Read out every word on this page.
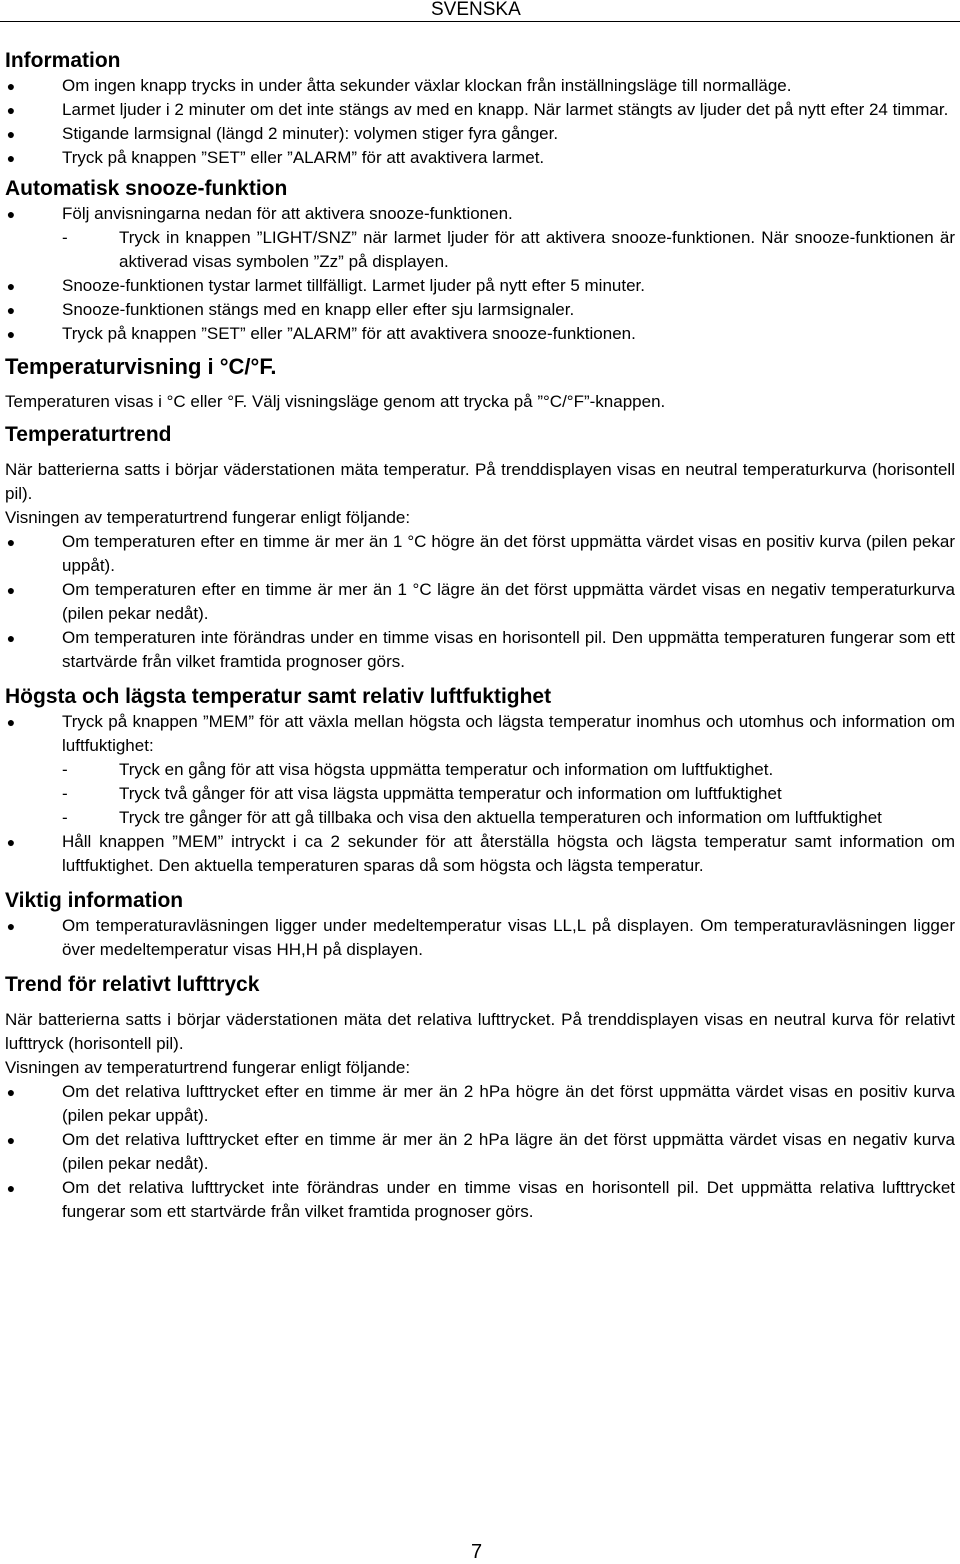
SVENSKA
Information
●	Om ingen knapp trycks in under åtta sekunder växlar klockan från inställningsläge till normalläge.
●	Larmet ljuder i 2 minuter om det inte stängs av med en knapp. När larmet stängts av ljuder det på nytt efter 24 timmar.
●	Stigande larmsignal (längd 2 minuter): volymen stiger fyra gånger.
●	Tryck på knappen ”SET” eller ”ALARM” för att avaktivera larmet.
Automatisk snooze-funktion
●	Följ anvisningarna nedan för att aktivera snooze-funktionen.
-	Tryck in knappen ”LIGHT/SNZ” när larmet ljuder för att aktivera snooze-funktionen. När snooze-funktionen är aktiverad visas symbolen ”Zz” på displayen.
●	Snooze-funktionen tystar larmet tillfälligt. Larmet ljuder på nytt efter 5 minuter.
●	Snooze-funktionen stängs med en knapp eller efter sju larmsignaler.
●	Tryck på knappen ”SET” eller ”ALARM” för att avaktivera snooze-funktionen.
Temperaturvisning i °C/°F.

Temperaturen visas i °C eller °F. Välj visningsläge genom att trycka på ”°C/°F”-knappen.

Temperaturtrend

När batterierna satts i börjar väderstationen mäta temperatur. På trenddisplayen visas en neutral temperaturkurva (horisontell pil).

Visningen av temperaturtrend fungerar enligt följande:

●	Om temperaturen efter en timme är mer än 1 °C högre än det först uppmätta värdet visas en positiv kurva (pilen pekar uppåt).
●	Om temperaturen efter en timme är mer än 1 °C lägre än det först uppmätta värdet visas en negativ temperaturkurva (pilen pekar nedåt).
●	Om temperaturen inte förändras under en timme visas en horisontell pil. Den uppmätta temperaturen fungerar som ett startvärde från vilket framtida prognoser görs.
Högsta och lägsta temperatur samt relativ luftfuktighet
●	Tryck på knappen ”MEM” för att växla mellan högsta och lägsta temperatur inomhus och utomhus och information om luftfuktighet:
-	Tryck en gång för att visa högsta uppmätta temperatur och information om luftfuktighet.
-	Tryck två gånger för att visa lägsta uppmätta temperatur och information om luftfuktighet
-	Tryck tre gånger för att gå tillbaka och visa den aktuella temperaturen och information om luftfuktighet
●	Håll knappen ”MEM” intryckt i ca 2 sekunder för att återställa högsta och lägsta temperatur samt information om luftfuktighet. Den aktuella temperaturen sparas då som högsta och lägsta temperatur.
Viktig information
●	Om temperaturavläsningen ligger under medeltemperatur visas LL,L på displayen. Om temperaturavläsningen ligger över medeltemperatur visas HH,H på displayen.
Trend för relativt lufttryck

När batterierna satts i börjar väderstationen mäta det relativa lufttrycket. På trenddisplayen visas en neutral kurva för relativt lufttryck (horisontell pil).

Visningen av temperaturtrend fungerar enligt följande:

●	Om det relativa lufttrycket efter en timme är mer än 2 hPa högre än det först uppmätta värdet visas en positiv kurva (pilen pekar uppåt).
●	Om det relativa lufttrycket efter en timme är mer än 2 hPa lägre än det först uppmätta värdet visas en negativ kurva (pilen pekar nedåt).
●	Om det relativa lufttrycket inte förändras under en timme visas en horisontell pil. Det uppmätta relativa lufttrycket fungerar som ett startvärde från vilket framtida prognoser görs.
7
